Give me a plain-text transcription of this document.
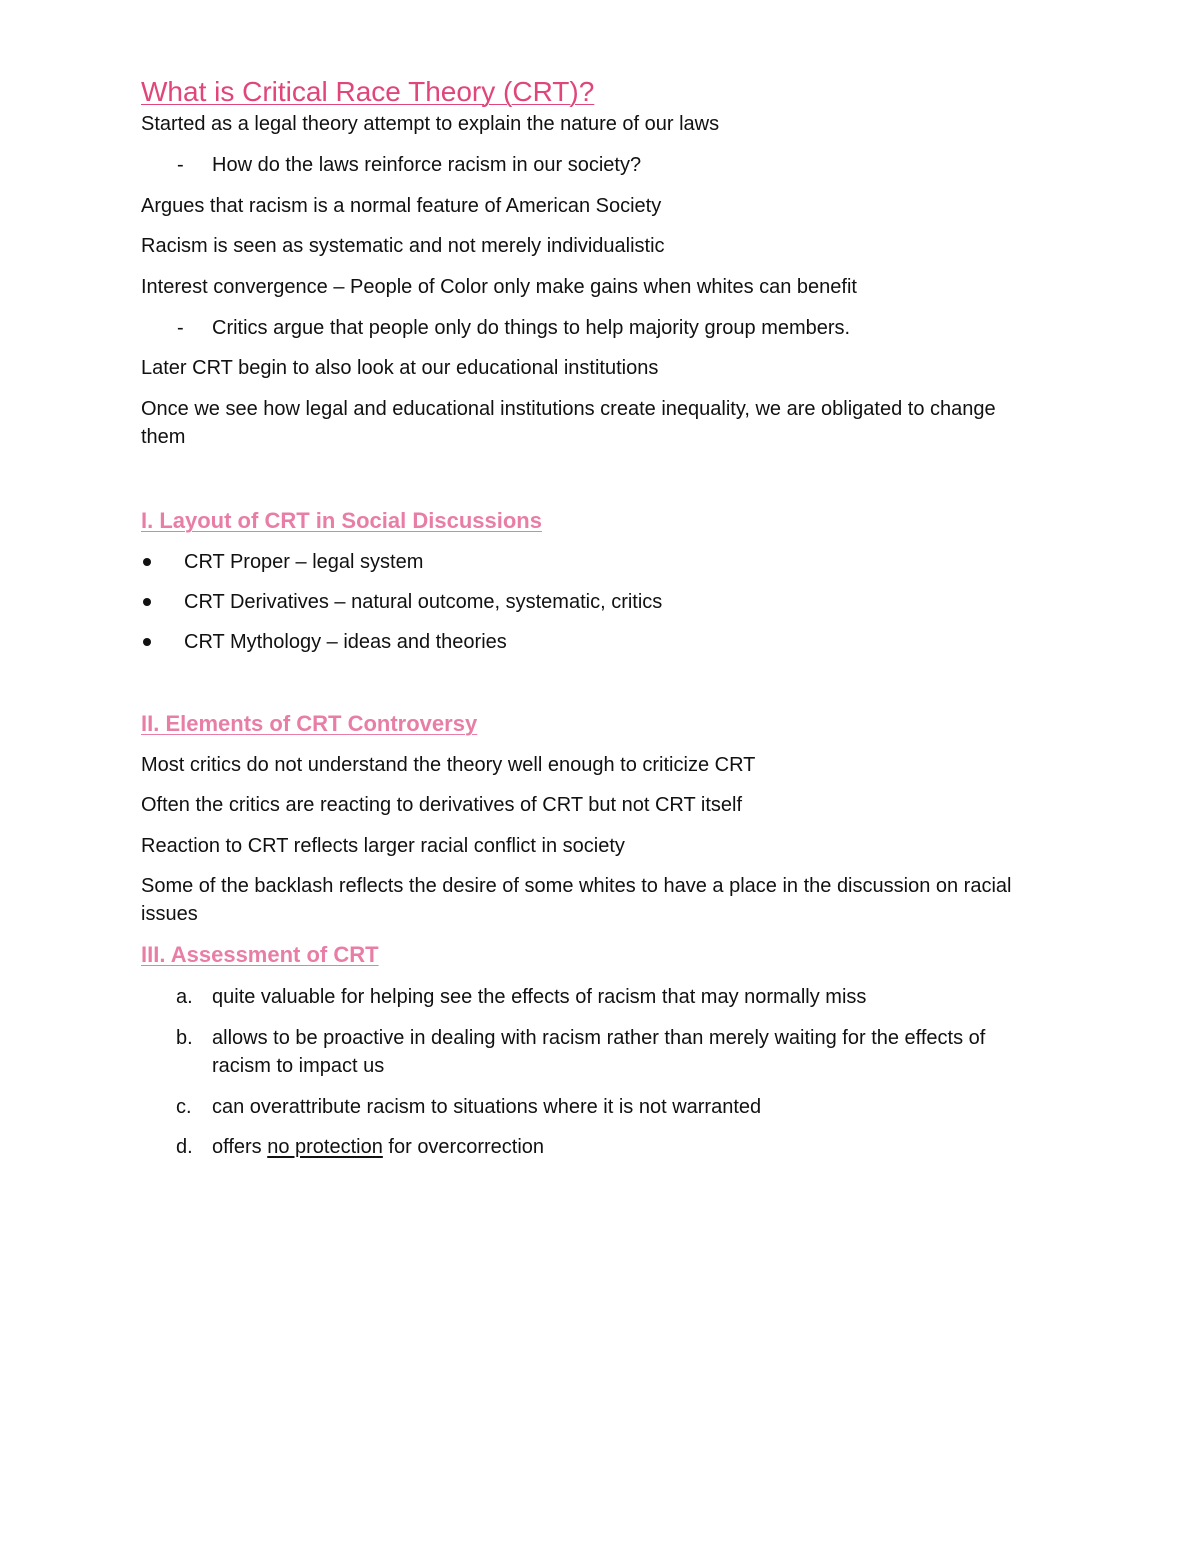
What is Critical Race Theory (CRT)?

Started as a legal theory attempt to explain the nature of our laws

- How do the laws reinforce racism in our society?

Argues that racism is a normal feature of American Society

Racism is seen as systematic and not merely individualistic

Interest convergence – People of Color only make gains when whites can benefit

- Critics argue that people only do things to help majority group members.

Later CRT begin to also look at our educational institutions

Once we see how legal and educational institutions create inequality, we are obligated to change them

I. Layout of CRT in Social Discussions
CRT Proper – legal system
CRT Derivatives – natural outcome, systematic, critics
CRT Mythology – ideas and theories
II. Elements of CRT Controversy

Most critics do not understand the theory well enough to criticize CRT

Often the critics are reacting to derivatives of CRT but not CRT itself

Reaction to CRT reflects larger racial conflict in society

Some of the backlash reflects the desire of some whites to have a place in the discussion on racial issues

III. Assessment of CRT
a. quite valuable for helping see the effects of racism that may normally miss
b. allows to be proactive in dealing with racism rather than merely waiting for the effects of racism to impact us
c. can overattribute racism to situations where it is not warranted
d. offers no protection for overcorrection
